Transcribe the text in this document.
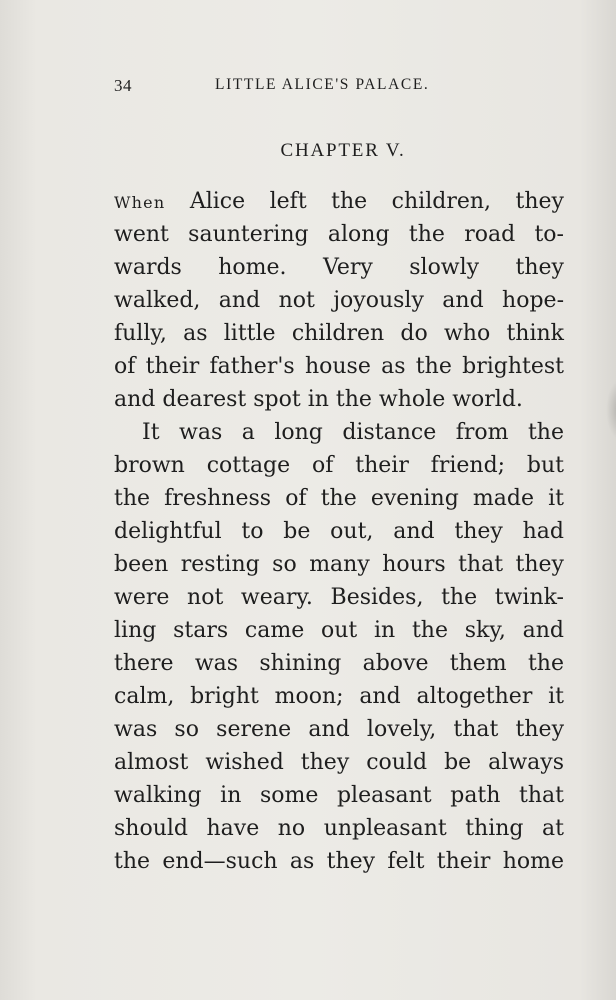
34	LITTLE ALICE'S PALACE.
CHAPTER V.
When Alice left the children, they
went sauntering along the road to-
wards home. Very slowly they
walked, and not joyously and hope-
fully, as little children do who think
of their father's house as the brightest
and dearest spot in the whole world.
It was a long distance from the
brown cottage of their friend; but
the freshness of the evening made it
delightful to be out, and they had
been resting so many hours that they
were not weary. Besides, the twink-
ling stars came out in the sky, and
there was shining above them the
calm, bright moon; and altogether it
was so serene and lovely, that they
almost wished they could be always
walking in some pleasant path that
should have no unpleasant thing at
the end—such as they felt their home
